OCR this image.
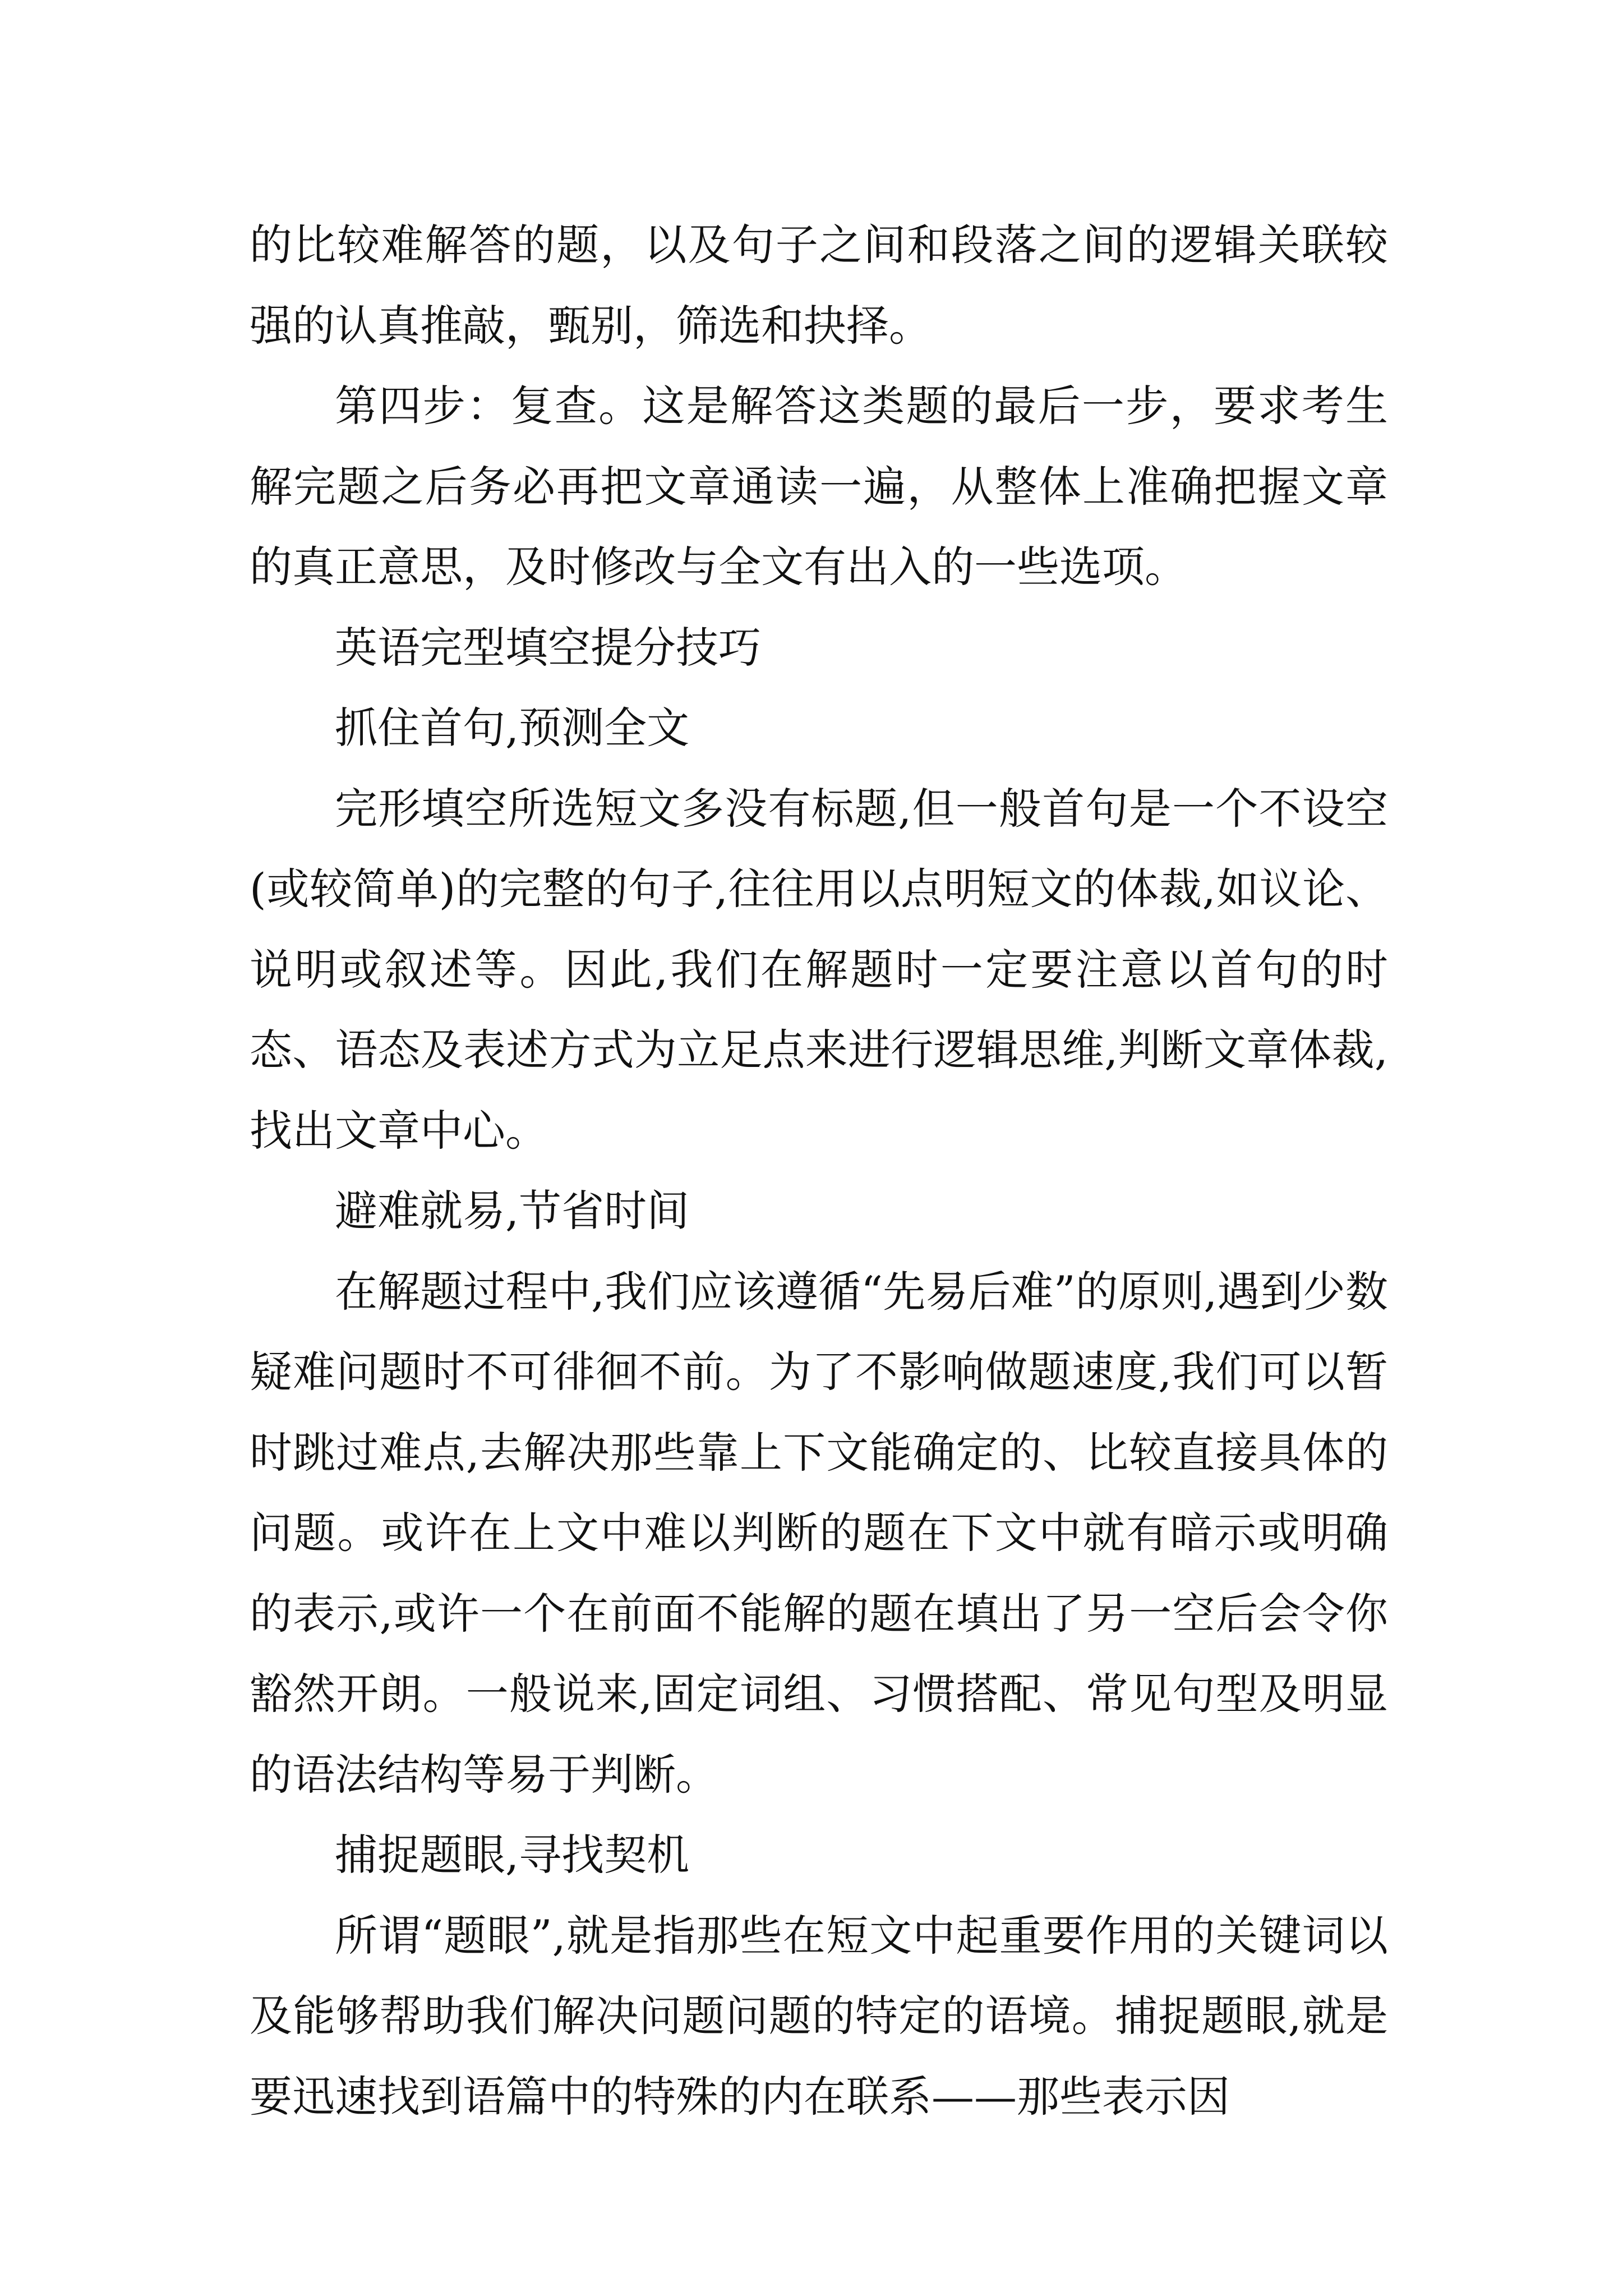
的比较难解答的题，以及句子之间和段落之间的逻辑关联较强的认真推敲，甄别，筛选和抉择。

第四步：复查。这是解答这类题的最后一步，要求考生解完题之后务必再把文章通读一遍，从整体上准确把握文章的真正意思，及时修改与全文有出入的一些选项。

英语完型填空提分技巧

抓住首句,预测全文

完形填空所选短文多没有标题,但一般首句是一个不设空(或较简单)的完整的句子,往往用以点明短文的体裁,如议论、说明或叙述等。因此,我们在解题时一定要注意以首句的时态、语态及表述方式为立足点来进行逻辑思维,判断文章体裁,找出文章中心。

避难就易,节省时间

在解题过程中,我们应该遵循“先易后难”的原则,遇到少数疑难问题时不可徘徊不前。为了不影响做题速度,我们可以暂时跳过难点,去解决那些靠上下文能确定的、比较直接具体的问题。或许在上文中难以判断的题在下文中就有暗示或明确的表示,或许一个在前面不能解的题在填出了另一空后会令你豁然开朗。一般说来,固定词组、习惯搭配、常见句型及明显的语法结构等易于判断。

捕捉题眼,寻找契机

所谓“题眼”,就是指那些在短文中起重要作用的关键词以及能够帮助我们解决问题问题的特定的语境。捕捉题眼,就是要迅速找到语篇中的特殊的内在联系——那些表示因
